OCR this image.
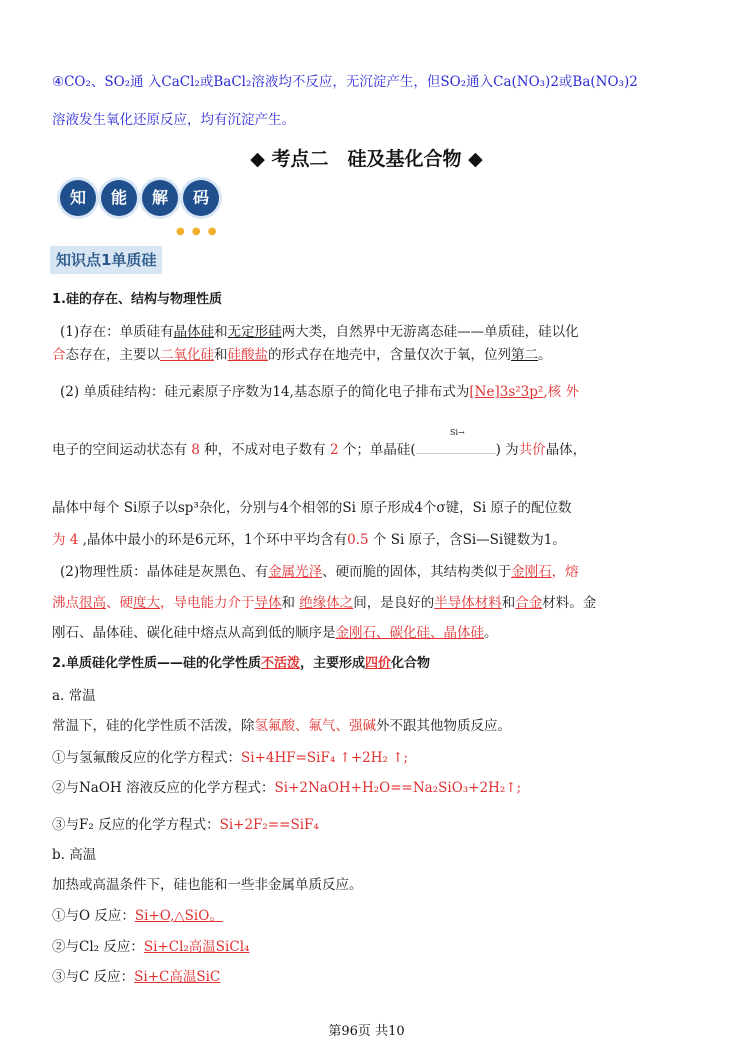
④CO₂、SO₂通 入CaCl₂或BaCl₂溶液均不反应，无沉淀产生，但SO₂通入Ca(NO₃)2或Ba(NO₃)2
溶液发生氧化还原反应，均有沉淀产生。
◆ 考点二　硅及基化合物 ◆
知 能 解 码
● ● ●
知识点1单质硅
1.硅的存在、结构与物理性质
(1)存在：单质硅有晶体硅和无定形硅两大类，自然界中无游离态硅——单质硅，硅以化
合态存在，主要以二氧化硅和硅酸盐的形式存在地壳中，含量仅次于氧，位列第二。
(2) 单质硅结构：硅元素原子序数为14,基态原子的简化电子排布式为[Ne]3s²3p²,核 外
Si→
电子的空间运动状态有 8 种，不成对电子数有 2 个；单晶硅(	) 为共价晶体，
晶体中每个 Si原子以sp³杂化，分别与4个相邻的Si 原子形成4个σ键，Si 原子的配位数
为 4 ,晶体中最小的环是6元环，1个环中平均含有0.5 个 Si 原子，含Si—Si键数为1。
(2)物理性质：晶体硅是灰黑色、有金属光泽、硬而脆的固体，其结构类似于金刚石，熔
沸点很高、硬度大，导电能力介于导体和 绝缘体之间，是良好的半导体材料和合金材料。金
刚石、晶体硅、碳化硅中熔点从高到低的顺序是金刚石、碳化硅、晶体硅。
2.单质硅化学性质——硅的化学性质不活泼，主要形成四价化合物
a. 常温
常温下，硅的化学性质不活泼，除氢氟酸、氟气、强碱外不跟其他物质反应。
①与氢氟酸反应的化学方程式：Si+4HF=SiF₄ ↑+2H₂ ↑;
②与NaOH 溶液反应的化学方程式：Si+2NaOH+H₂O==Na₂SiO₃+2H₂↑;
③与F₂ 反应的化学方程式：Si+2F₂==SiF₄
b. 高温
加热或高温条件下，硅也能和一些非金属单质反应。
①与O 反应：Si+O,△SiO。
②与Cl₂ 反应：Si+Cl₂高温SiCl₄
③与C 反应：Si+C高温SiC
第96页 共10
